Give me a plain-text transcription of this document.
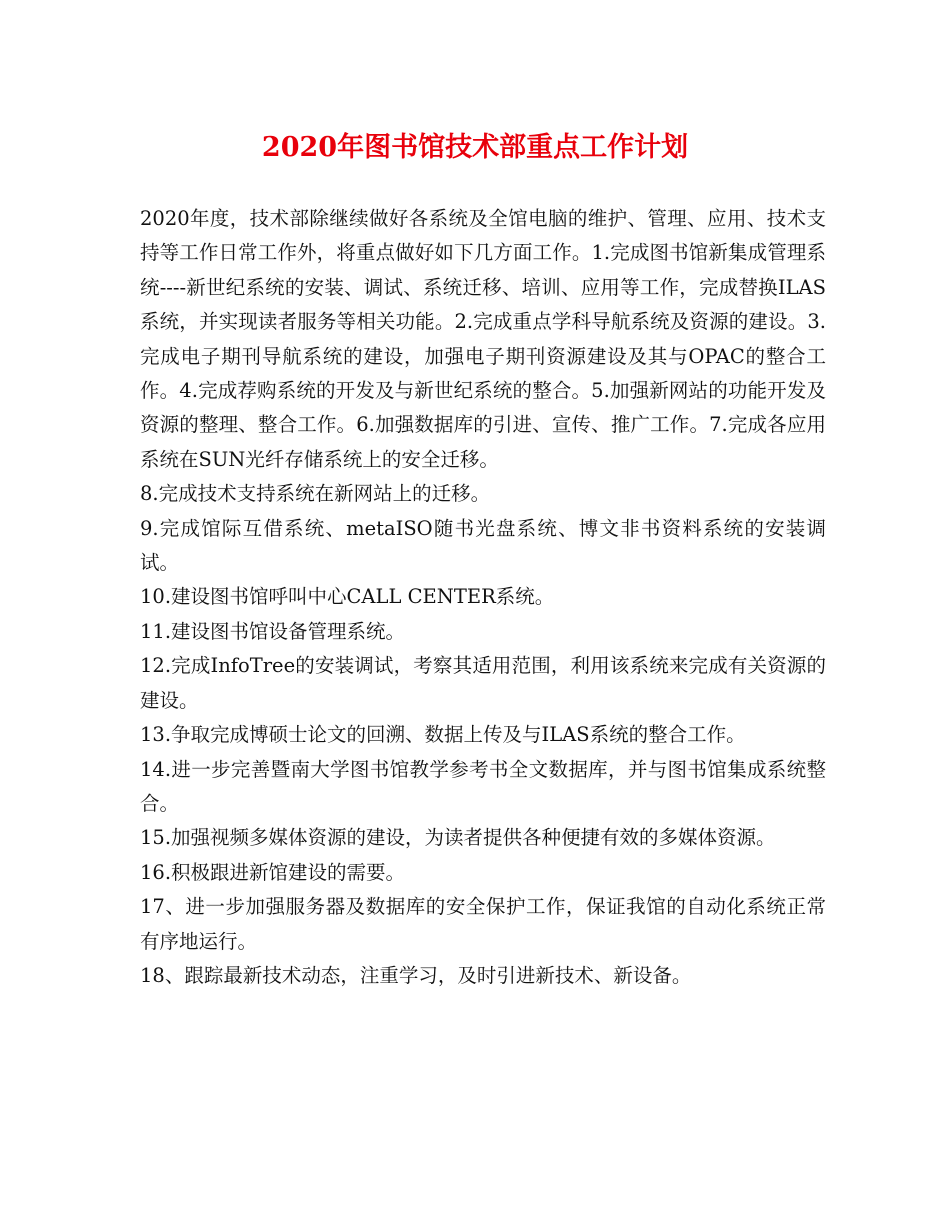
2020年图书馆技术部重点工作计划

2020年度，技术部除继续做好各系统及全馆电脑的维护、管理、应用、技术支持等工作日常工作外，将重点做好如下几方面工作。1.完成图书馆新集成管理系统----新世纪系统的安装、调试、系统迁移、培训、应用等工作，完成替换ILAS系统，并实现读者服务等相关功能。2.完成重点学科导航系统及资源的建设。3.完成电子期刊导航系统的建设，加强电子期刊资源建设及其与OPAC的整合工作。4.完成荐购系统的开发及与新世纪系统的整合。5.加强新网站的功能开发及资源的整理、整合工作。6.加强数据库的引进、宣传、推广工作。7.完成各应用系统在SUN光纤存储系统上的安全迁移。

8.完成技术支持系统在新网站上的迁移。

9.完成馆际互借系统、metaISO随书光盘系统、博文非书资料系统的安装调试。

10.建设图书馆呼叫中心CALL CENTER系统。

11.建设图书馆设备管理系统。

12.完成InfoTree的安装调试，考察其适用范围，利用该系统来完成有关资源的建设。

13.争取完成博硕士论文的回溯、数据上传及与ILAS系统的整合工作。

14.进一步完善暨南大学图书馆教学参考书全文数据库，并与图书馆集成系统整合。

15.加强视频多媒体资源的建设，为读者提供各种便捷有效的多媒体资源。

16.积极跟进新馆建设的需要。

17、进一步加强服务器及数据库的安全保护工作，保证我馆的自动化系统正常有序地运行。

18、跟踪最新技术动态，注重学习，及时引进新技术、新设备。
